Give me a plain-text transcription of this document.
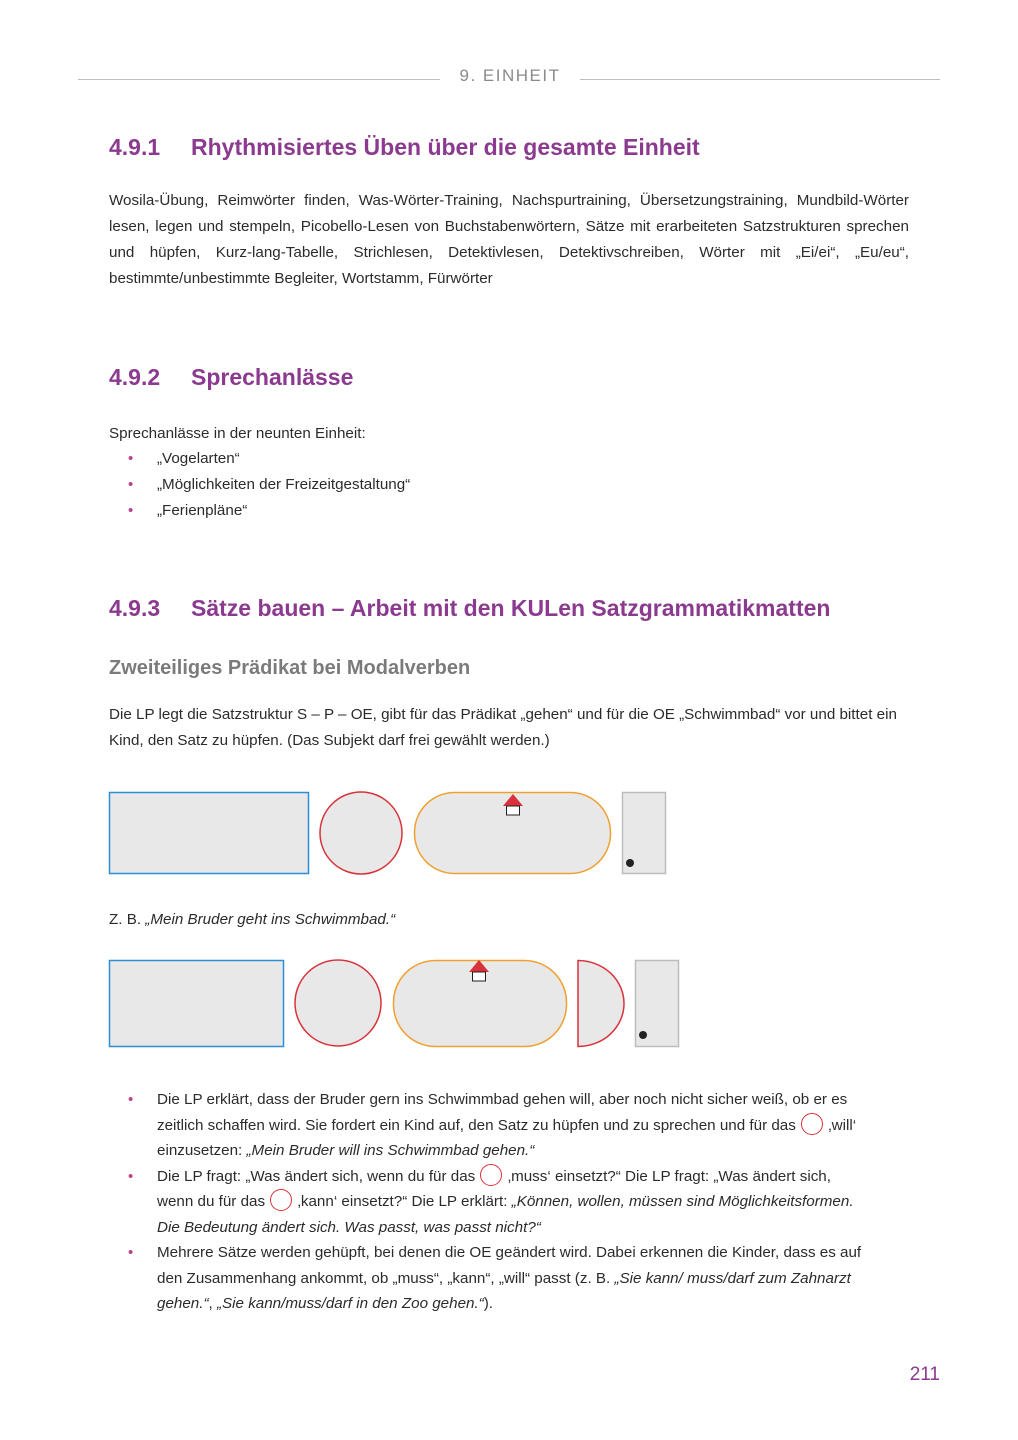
9. EINHEIT
4.9.1 Rhythmisiertes Üben über die gesamte Einheit

Wosila-Übung, Reimwörter finden, Was-Wörter-Training, Nachspurtraining, Übersetzungstraining, Mundbild-Wörter lesen, legen und stempeln, Picobello-Lesen von Buchstabenwörtern, Sätze mit erarbeiteten Satzstrukturen sprechen und hüpfen, Kurz-lang-Tabelle, Strichlesen, Detektivlesen, Detektivschreiben, Wörter mit „Ei/ei“, „Eu/eu“, bestimmte/unbestimmte Begleiter, Wortstamm, Fürwörter

4.9.2 Sprechanlässe

Sprechanlässe in der neunten Einheit:

• „Vogelarten“
• „Möglichkeiten der Freizeitgestaltung“
• „Ferienpläne“
4.9.3 Sätze bauen – Arbeit mit den KULen Satzgrammatikmatten
Zweiteiliges Prädikat bei Modalverben

Die LP legt die Satzstruktur S – P – OE, gibt für das Prädikat „gehen“ und für die OE „Schwimmbad“ vor und bittet ein Kind, den Satz zu hüpfen. (Das Subjekt darf frei gewählt werden.)

Z. B. „Mein Bruder geht ins Schwimmbad.“

• Die LP erklärt, dass der Bruder gern ins Schwimmbad gehen will, aber noch nicht sicher weiß, ob er es zeitlich schaffen wird. Sie fordert ein Kind auf, den Satz zu hüpfen und zu sprechen und für das  ‚will‘ einzusetzen: „Mein Bruder will ins Schwimmbad gehen.“
• Die LP fragt: „Was ändert sich, wenn du für das  ‚muss‘ einsetzt?“ Die LP fragt: „Was ändert sich, wenn du für das  ‚kann‘ einsetzt?“ Die LP erklärt: „Können, wollen, müssen sind Möglichkeitsformen. Die Bedeutung ändert sich. Was passt, was passt nicht?“
• Mehrere Sätze werden gehüpft, bei denen die OE geändert wird. Dabei erkennen die Kinder, dass es auf den Zusammenhang ankommt, ob „muss“, „kann“, „will“ passt (z. B. „Sie kann/ muss/darf zum Zahnarzt gehen.“, „Sie kann/muss/darf in den Zoo gehen.“).
211
